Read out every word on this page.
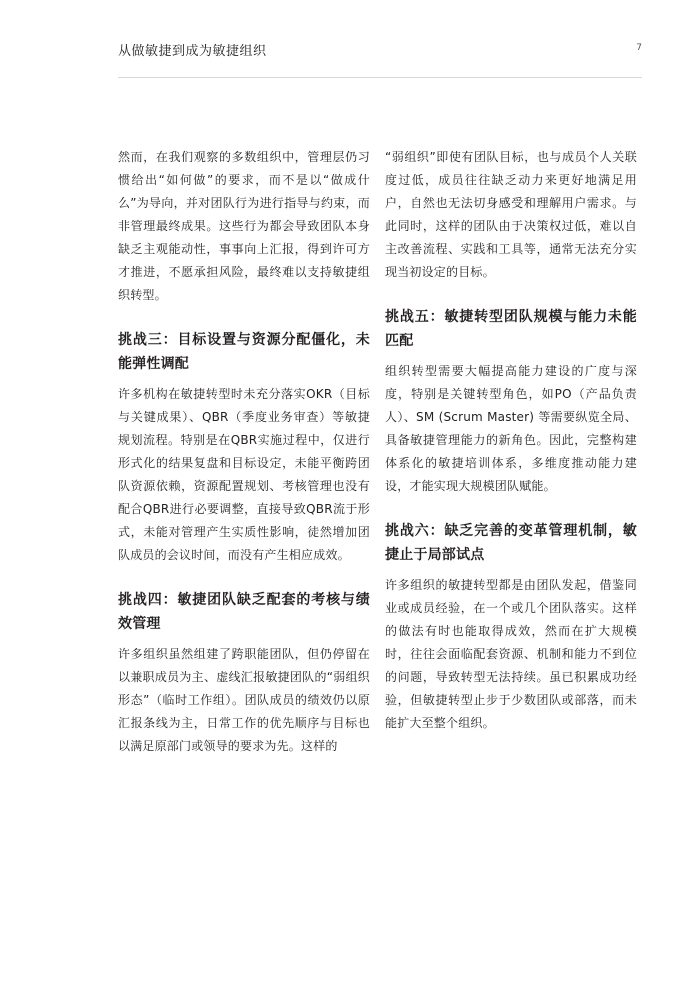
从做敏捷到成为敏捷组织	7

然而，在我们观察的多数组织中，管理层仍习惯给出“如何做”的要求，而不是以“做成什么”为导向，并对团队行为进行指导与约束，而非管理最终成果。这些行为都会导致团队本身缺乏主观能动性，事事向上汇报，得到许可方才推进，不愿承担风险，最终难以支持敏捷组织转型。

挑战三：目标设置与资源分配僵化，未能弹性调配

许多机构在敏捷转型时未充分落实OKR（目标与关键成果）、QBR（季度业务审查）等敏捷规划流程。特别是在QBR实施过程中，仅进行形式化的结果复盘和目标设定，未能平衡跨团队资源依赖，资源配置规划、考核管理也没有配合QBR进行必要调整，直接导致QBR流于形式，未能对管理产生实质性影响，徒然增加团队成员的会议时间，而没有产生相应成效。

挑战四：敏捷团队缺乏配套的考核与绩效管理

许多组织虽然组建了跨职能团队，但仍停留在以兼职成员为主、虚线汇报敏捷团队的“弱组织形态”（临时工作组）。团队成员的绩效仍以原汇报条线为主，日常工作的优先顺序与目标也以满足原部门或领导的要求为先。这样的

“弱组织”即使有团队目标，也与成员个人关联度过低，成员往往缺乏动力来更好地满足用户，自然也无法切身感受和理解用户需求。与此同时，这样的团队由于决策权过低，难以自主改善流程、实践和工具等，通常无法充分实现当初设定的目标。

挑战五：敏捷转型团队规模与能力未能匹配

组织转型需要大幅提高能力建设的广度与深度，特别是关键转型角色，如PO（产品负责人）、SM (Scrum Master) 等需要纵览全局、具备敏捷管理能力的新角色。因此，完整构建体系化的敏捷培训体系，多维度推动能力建设，才能实现大规模团队赋能。

挑战六：缺乏完善的变革管理机制，敏捷止于局部试点

许多组织的敏捷转型都是由团队发起，借鉴同业或成员经验，在一个或几个团队落实。这样的做法有时也能取得成效，然而在扩大规模时，往往会面临配套资源、机制和能力不到位的问题，导致转型无法持续。虽已积累成功经验，但敏捷转型止步于少数团队或部落，而未能扩大至整个组织。
